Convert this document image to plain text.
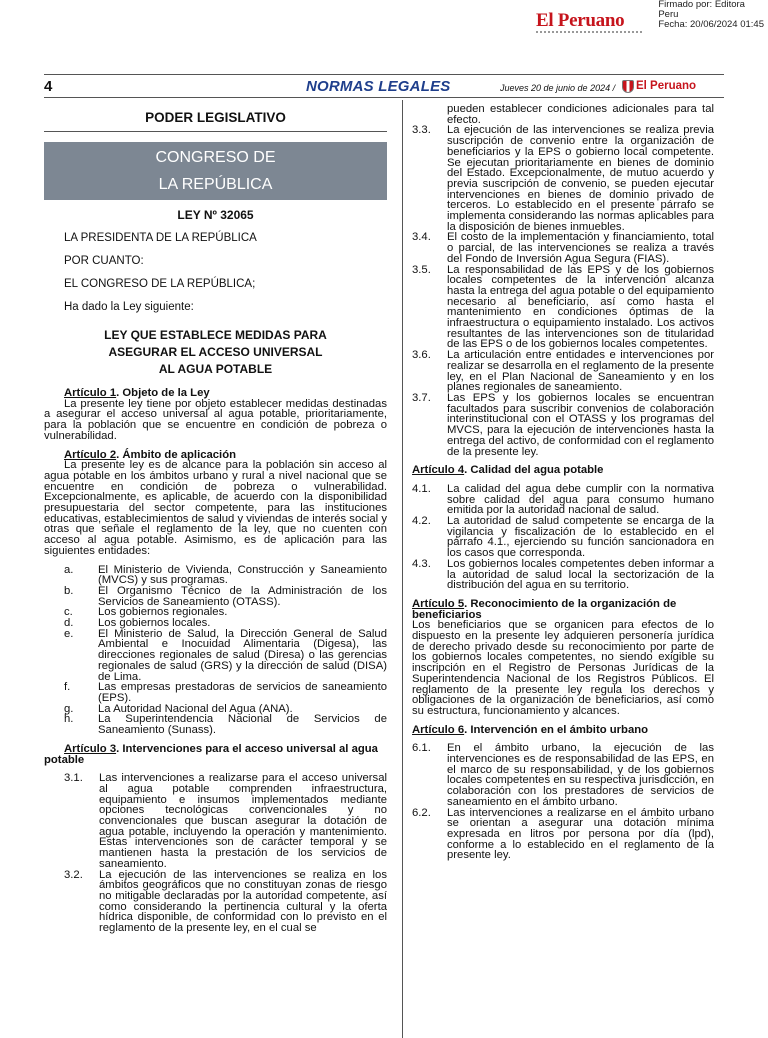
Firmado por: Editora
Peru
Fecha: 20/06/2024 01:45
El Peruano
4	NORMAS LEGALES	Jueves 20 de junio de 2024 / El Peruano
PODER LEGISLATIVO
CONGRESO DE
LA REPÚBLICA
LEY Nº 32065

LA PRESIDENTA DE LA REPÚBLICA

POR CUANTO:

EL CONGRESO DE LA REPÚBLICA;

Ha dado la Ley siguiente:

LEY QUE ESTABLECE MEDIDAS PARA
ASEGURAR EL ACCESO UNIVERSAL
AL AGUA POTABLE

Artículo 1. Objeto de la Ley

La presente ley tiene por objeto establecer medidas destinadas a asegurar el acceso universal al agua potable, prioritariamente, para la población que se encuentre en condición de pobreza o vulnerabilidad.

Artículo 2. Ámbito de aplicación

La presente ley es de alcance para la población sin acceso al agua potable en los ámbitos urbano y rural a nivel nacional que se encuentre en condición de pobreza o vulnerabilidad. Excepcionalmente, es aplicable, de acuerdo con la disponibilidad presupuestaria del sector competente, para las instituciones educativas, establecimientos de salud y viviendas de interés social y otras que señale el reglamento de la ley, que no cuenten con acceso al agua potable. Asimismo, es de aplicación para las siguientes entidades:

a.	El Ministerio de Vivienda, Construcción y Saneamiento (MVCS) y sus programas.
b.	El Organismo Técnico de la Administración de los Servicios de Saneamiento (OTASS).
c.	Los gobiernos regionales.
d.	Los gobiernos locales.
e.	El Ministerio de Salud, la Dirección General de Salud Ambiental e Inocuidad Alimentaria (Digesa), las direcciones regionales de salud (Diresa) o las gerencias regionales de salud (GRS) y la dirección de salud (DISA) de Lima.
f.	Las empresas prestadoras de servicios de saneamiento (EPS).
g.	La Autoridad Nacional del Agua (ANA).
h.	La Superintendencia Nacional de Servicios de Saneamiento (Sunass).

Artículo 3. Intervenciones para el acceso universal al agua potable

3.1.	Las intervenciones a realizarse para el acceso universal al agua potable comprenden infraestructura, equipamiento e insumos implementados mediante opciones tecnológicas convencionales y no convencionales que buscan asegurar la dotación de agua potable, incluyendo la operación y mantenimiento. Estas intervenciones son de carácter temporal y se mantienen hasta la prestación de los servicios de saneamiento.
3.2.	La ejecución de las intervenciones se realiza en los ámbitos geográficos que no constituyan zonas de riesgo no mitigable declaradas por la autoridad competente, así como considerando la pertinencia cultural y la oferta hídrica disponible, de conformidad con lo previsto en el reglamento de la presente ley, en el cual se

pueden establecer condiciones adicionales para tal efecto.

3.3.	La ejecución de las intervenciones se realiza previa suscripción de convenio entre la organización de beneficiarios y la EPS o gobierno local competente. Se ejecutan prioritariamente en bienes de dominio del Estado. Excepcionalmente, de mutuo acuerdo y previa suscripción de convenio, se pueden ejecutar intervenciones en bienes de dominio privado de terceros. Lo establecido en el presente párrafo se implementa considerando las normas aplicables para la disposición de bienes inmuebles.
3.4.	El costo de la implementación y financiamiento, total o parcial, de las intervenciones se realiza a través del Fondo de Inversión Agua Segura (FIAS).
3.5.	La responsabilidad de las EPS y de los gobiernos locales competentes de la intervención alcanza hasta la entrega del agua potable o del equipamiento necesario al beneficiario, así como hasta el mantenimiento en condiciones óptimas de la infraestructura o equipamiento instalado. Los activos resultantes de las intervenciones son de titularidad de las EPS o de los gobiernos locales competentes.
3.6.	La articulación entre entidades e intervenciones por realizar se desarrolla en el reglamento de la presente ley, en el Plan Nacional de Saneamiento y en los planes regionales de saneamiento.
3.7.	Las EPS y los gobiernos locales se encuentran facultados para suscribir convenios de colaboración interinstitucional con el OTASS y los programas del MVCS, para la ejecución de intervenciones hasta la entrega del activo, de conformidad con el reglamento de la presente ley.

Artículo 4. Calidad del agua potable

4.1.	La calidad del agua debe cumplir con la normativa sobre calidad del agua para consumo humano emitida por la autoridad nacional de salud.
4.2.	La autoridad de salud competente se encarga de la vigilancia y fiscalización de lo establecido en el párrafo 4.1., ejerciendo su función sancionadora en los casos que corresponda.
4.3.	Los gobiernos locales competentes deben informar a la autoridad de salud local la sectorización de la distribución del agua en su territorio.

Artículo 5. Reconocimiento de la organización de beneficiarios

Los beneficiarios que se organicen para efectos de lo dispuesto en la presente ley adquieren personería jurídica de derecho privado desde su reconocimiento por parte de los gobiernos locales competentes, no siendo exigible su inscripción en el Registro de Personas Jurídicas de la Superintendencia Nacional de los Registros Públicos. El reglamento de la presente ley regula los derechos y obligaciones de la organización de beneficiarios, así como su estructura, funcionamiento y alcances.

Artículo 6. Intervención en el ámbito urbano

6.1.	En el ámbito urbano, la ejecución de las intervenciones es de responsabilidad de las EPS, en el marco de su responsabilidad, y de los gobiernos locales competentes en su respectiva jurisdicción, en colaboración con los prestadores de servicios de saneamiento en el ámbito urbano.
6.2.	Las intervenciones a realizarse en el ámbito urbano se orientan a asegurar una dotación mínima expresada en litros por persona por día (lpd), conforme a lo establecido en el reglamento de la presente ley.
